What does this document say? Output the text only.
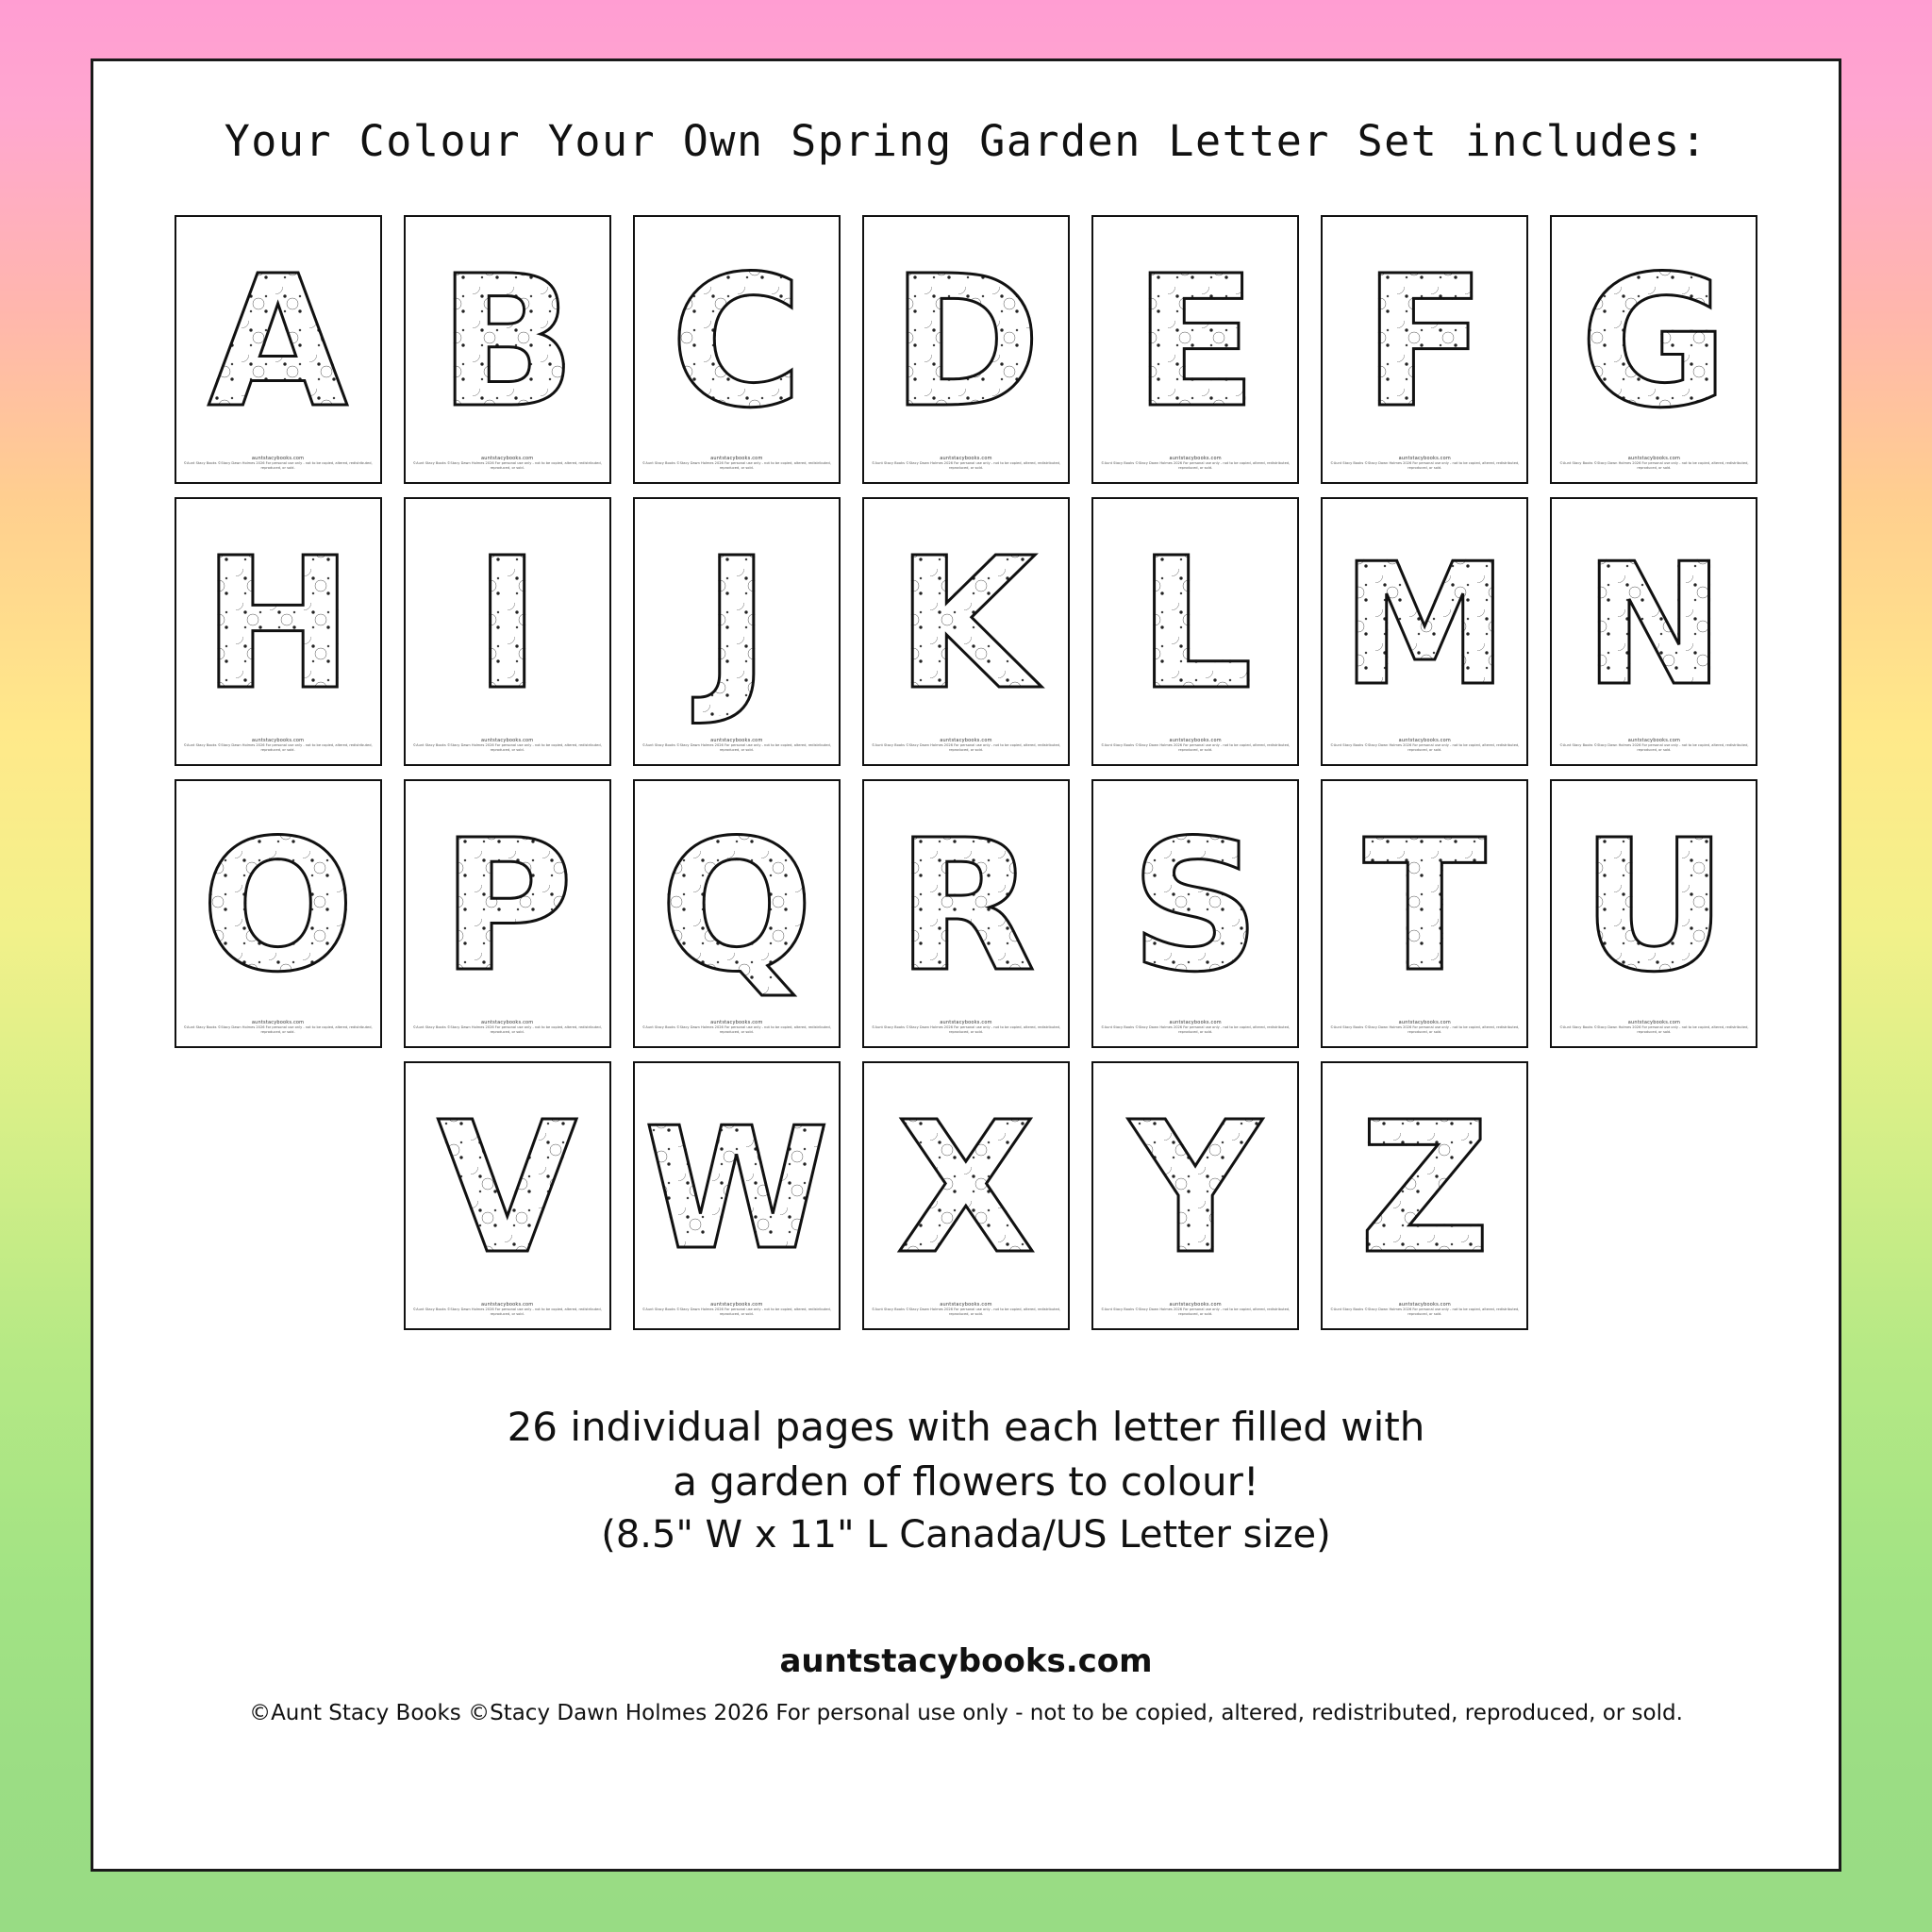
Your Colour Your Own Spring Garden Letter Set includes:
A
auntstacybooks.com
©Aunt Stacy Books ©Stacy Dawn Holmes 2026 For personal use only - not to be copied, altered, redistributed, reproduced, or sold.
B
auntstacybooks.com
©Aunt Stacy Books ©Stacy Dawn Holmes 2026 For personal use only - not to be copied, altered, redistributed, reproduced, or sold.
C
auntstacybooks.com
©Aunt Stacy Books ©Stacy Dawn Holmes 2026 For personal use only - not to be copied, altered, redistributed, reproduced, or sold.
D
auntstacybooks.com
©Aunt Stacy Books ©Stacy Dawn Holmes 2026 For personal use only - not to be copied, altered, redistributed, reproduced, or sold.
E
auntstacybooks.com
©Aunt Stacy Books ©Stacy Dawn Holmes 2026 For personal use only - not to be copied, altered, redistributed, reproduced, or sold.
F
auntstacybooks.com
©Aunt Stacy Books ©Stacy Dawn Holmes 2026 For personal use only - not to be copied, altered, redistributed, reproduced, or sold.
G
auntstacybooks.com
©Aunt Stacy Books ©Stacy Dawn Holmes 2026 For personal use only - not to be copied, altered, redistributed, reproduced, or sold.
H
auntstacybooks.com
©Aunt Stacy Books ©Stacy Dawn Holmes 2026 For personal use only - not to be copied, altered, redistributed, reproduced, or sold.
I
auntstacybooks.com
©Aunt Stacy Books ©Stacy Dawn Holmes 2026 For personal use only - not to be copied, altered, redistributed, reproduced, or sold.
J
auntstacybooks.com
©Aunt Stacy Books ©Stacy Dawn Holmes 2026 For personal use only - not to be copied, altered, redistributed, reproduced, or sold.
K
auntstacybooks.com
©Aunt Stacy Books ©Stacy Dawn Holmes 2026 For personal use only - not to be copied, altered, redistributed, reproduced, or sold.
L
auntstacybooks.com
©Aunt Stacy Books ©Stacy Dawn Holmes 2026 For personal use only - not to be copied, altered, redistributed, reproduced, or sold.
M
auntstacybooks.com
©Aunt Stacy Books ©Stacy Dawn Holmes 2026 For personal use only - not to be copied, altered, redistributed, reproduced, or sold.
N
auntstacybooks.com
©Aunt Stacy Books ©Stacy Dawn Holmes 2026 For personal use only - not to be copied, altered, redistributed, reproduced, or sold.
O
auntstacybooks.com
©Aunt Stacy Books ©Stacy Dawn Holmes 2026 For personal use only - not to be copied, altered, redistributed, reproduced, or sold.
P
auntstacybooks.com
©Aunt Stacy Books ©Stacy Dawn Holmes 2026 For personal use only - not to be copied, altered, redistributed, reproduced, or sold.
Q
auntstacybooks.com
©Aunt Stacy Books ©Stacy Dawn Holmes 2026 For personal use only - not to be copied, altered, redistributed, reproduced, or sold.
R
auntstacybooks.com
©Aunt Stacy Books ©Stacy Dawn Holmes 2026 For personal use only - not to be copied, altered, redistributed, reproduced, or sold.
S
auntstacybooks.com
©Aunt Stacy Books ©Stacy Dawn Holmes 2026 For personal use only - not to be copied, altered, redistributed, reproduced, or sold.
T
auntstacybooks.com
©Aunt Stacy Books ©Stacy Dawn Holmes 2026 For personal use only - not to be copied, altered, redistributed, reproduced, or sold.
U
auntstacybooks.com
©Aunt Stacy Books ©Stacy Dawn Holmes 2026 For personal use only - not to be copied, altered, redistributed, reproduced, or sold.
V
auntstacybooks.com
©Aunt Stacy Books ©Stacy Dawn Holmes 2026 For personal use only - not to be copied, altered, redistributed, reproduced, or sold.
W
auntstacybooks.com
©Aunt Stacy Books ©Stacy Dawn Holmes 2026 For personal use only - not to be copied, altered, redistributed, reproduced, or sold.
X
auntstacybooks.com
©Aunt Stacy Books ©Stacy Dawn Holmes 2026 For personal use only - not to be copied, altered, redistributed, reproduced, or sold.
Y
auntstacybooks.com
©Aunt Stacy Books ©Stacy Dawn Holmes 2026 For personal use only - not to be copied, altered, redistributed, reproduced, or sold.
Z
auntstacybooks.com
©Aunt Stacy Books ©Stacy Dawn Holmes 2026 For personal use only - not to be copied, altered, redistributed, reproduced, or sold.
26 individual pages with each letter filled with
a garden of flowers to colour!
(8.5" W x 11" L Canada/US Letter size)
auntstacybooks.com
©Aunt Stacy Books ©Stacy Dawn Holmes 2026 For personal use only - not to be copied, altered, redistributed, reproduced, or sold.
